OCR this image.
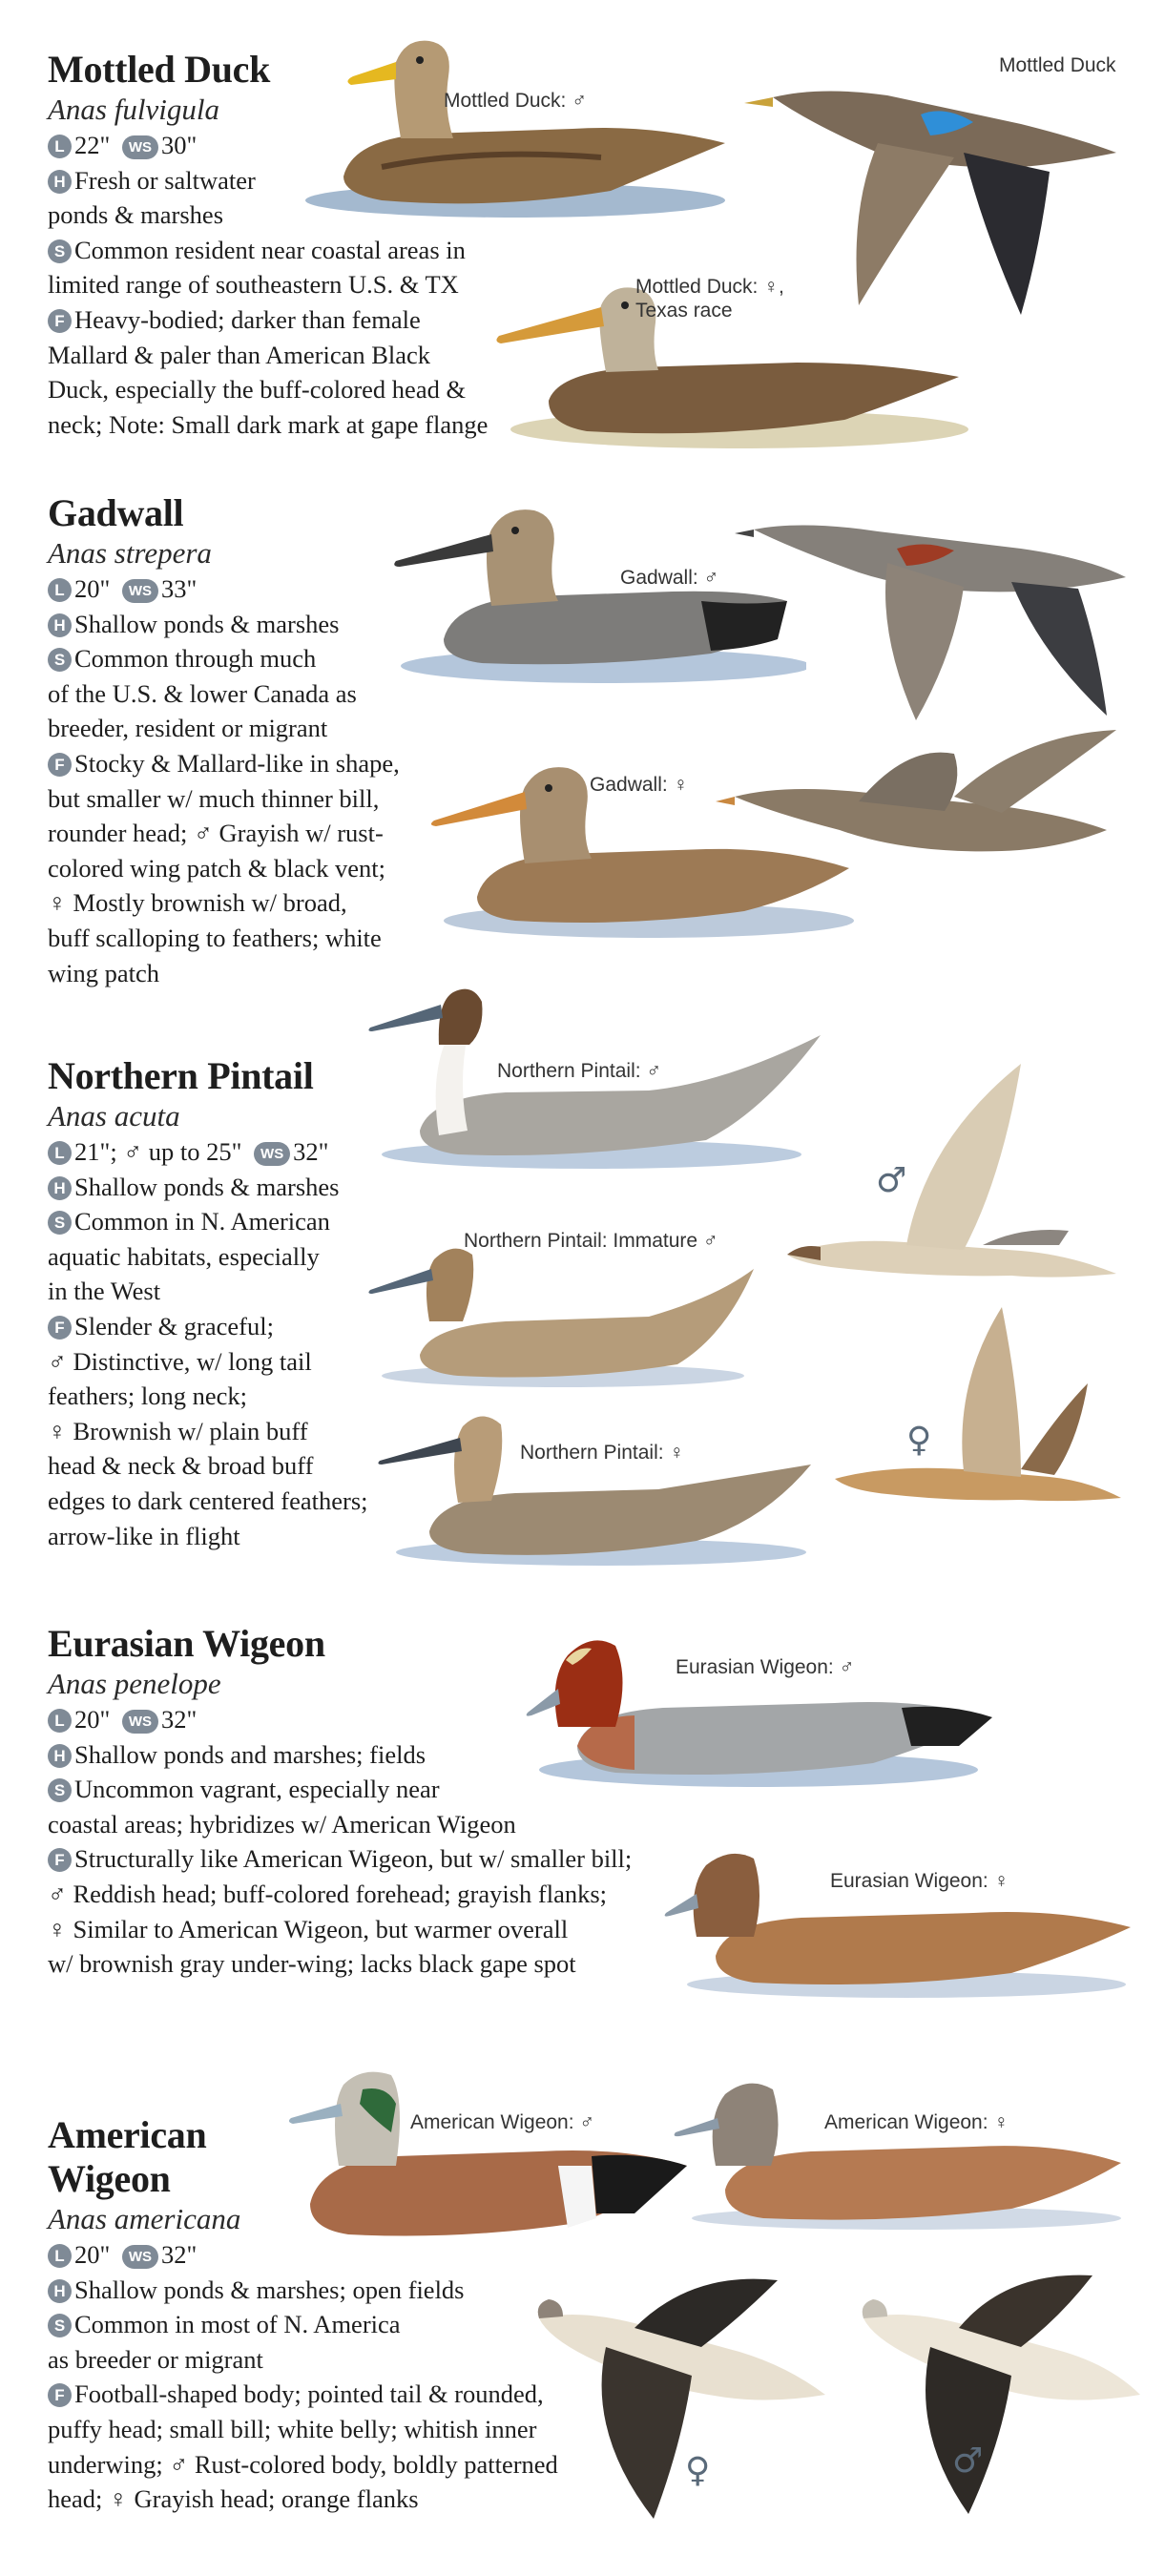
Mottled Duck
Anas fulvigula
L 22" WS 30"
H Fresh or saltwater
ponds & marshes
S Common resident near coastal areas in
limited range of southeastern U.S. & TX
F Heavy-bodied; darker than female
Mallard & paler than American Black
Duck, especially the buff-colored head &
neck; Note: Small dark mark at gape flange
Mottled Duck: ♂
Mottled Duck
Mottled Duck: ♀,
Texas race
Gadwall
Anas strepera
L 20" WS 33"
H Shallow ponds & marshes
S Common through much
of the U.S. & lower Canada as
breeder, resident or migrant
F Stocky & Mallard-like in shape,
but smaller w/ much thinner bill,
rounder head; ♂ Grayish w/ rust-
colored wing patch & black vent;
♀ Mostly brownish w/ broad,
buff scalloping to feathers; white
wing patch
Gadwall: ♂
Gadwall: ♀
Northern Pintail
Anas acuta
L 21"; ♂ up to 25" WS 32"
H Shallow ponds & marshes
S Common in N. American
aquatic habitats, especially
in the West
F Slender & graceful;
♂ Distinctive, w/ long tail
feathers; long neck;
♀ Brownish w/ plain buff
head & neck & broad buff
edges to dark centered feathers;
arrow-like in flight
Northern Pintail: ♂
Northern Pintail: Immature ♂
Northern Pintail: ♀
♂
♀
Eurasian Wigeon
Anas penelope
L 20" WS 32"
H Shallow ponds and marshes; fields
S Uncommon vagrant, especially near
coastal areas; hybridizes w/ American Wigeon
F Structurally like American Wigeon, but w/ smaller bill;
♂ Reddish head; buff-colored forehead; grayish flanks;
♀ Similar to American Wigeon, but warmer overall
w/ brownish gray under-wing; lacks black gape spot
Eurasian Wigeon: ♂
Eurasian Wigeon: ♀
American
Wigeon
Anas americana
L 20" WS 32"
H Shallow ponds & marshes; open fields
S Common in most of N. America
as breeder or migrant
F Football-shaped body; pointed tail & rounded,
puffy head; small bill; white belly; whitish inner
underwing; ♂ Rust-colored body, boldly patterned
head; ♀ Grayish head; orange flanks
American Wigeon: ♂	American Wigeon: ♀
♀	♂
